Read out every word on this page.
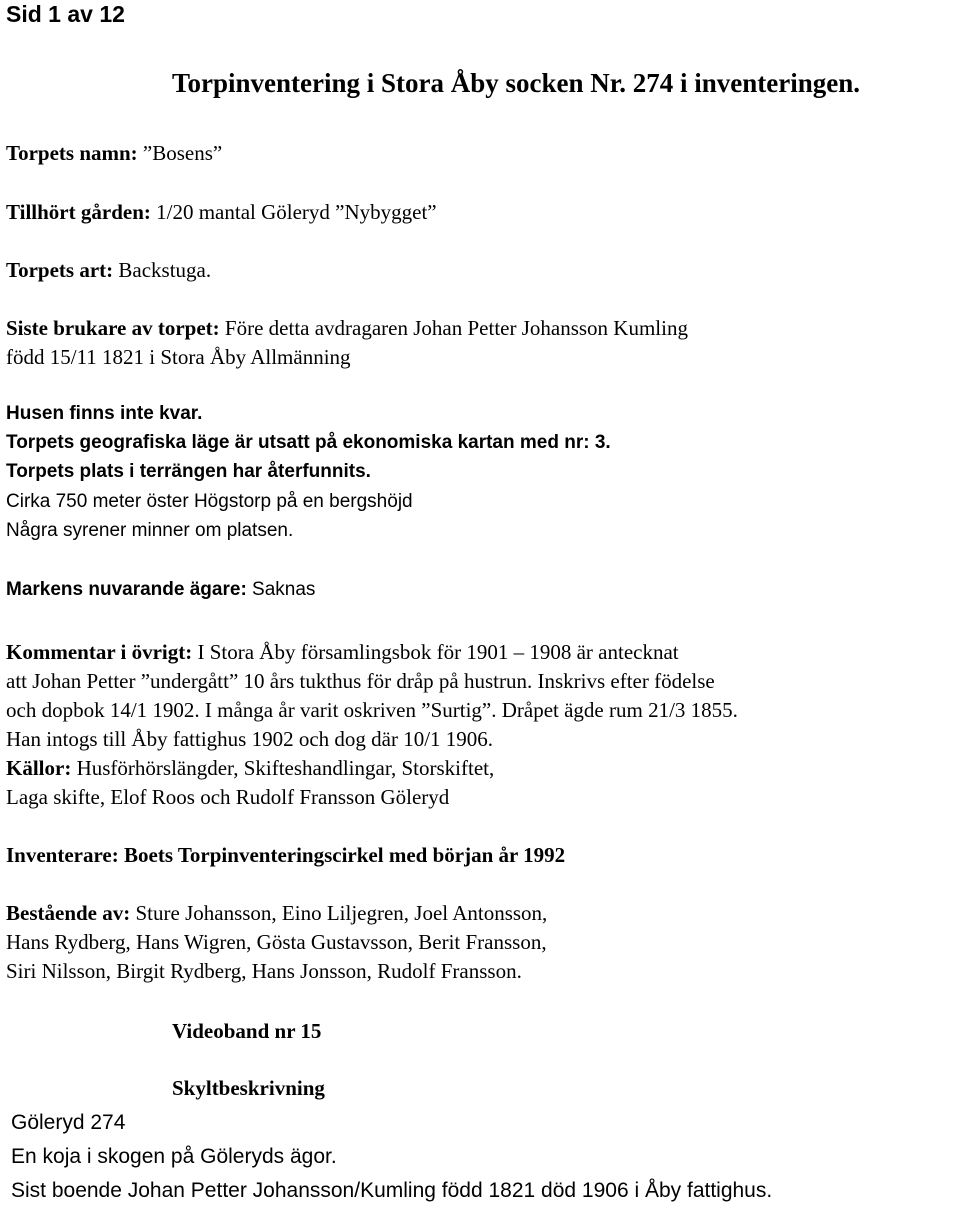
Sid 1 av 12
Torpinventering i Stora Åby socken Nr. 274 i inventeringen.
Torpets namn: ”Bosens”
Tillhört gården: 1/20 mantal Göleryd ”Nybygget”
Torpets art: Backstuga.
Siste brukare av torpet: Före detta avdragaren Johan Petter Johansson Kumling
född 15/11 1821 i Stora Åby Allmänning
Husen finns inte kvar.
Torpets geografiska läge är utsatt på ekonomiska kartan med nr: 3.
Torpets plats i terrängen har återfunnits.
Cirka 750 meter öster Högstorp på en bergshöjd
Några syrener minner om platsen.
Markens nuvarande ägare: Saknas
Kommentar i övrigt: I Stora Åby församlingsbok för 1901 – 1908 är antecknat
att Johan Petter ”undergått” 10 års tukthus för dråp på hustrun. Inskrivs efter födelse
och dopbok 14/1 1902. I många år varit oskriven ”Surtig”. Dråpet ägde rum 21/3 1855.
Han intogs till Åby fattighus 1902 och dog där 10/1 1906.
Källor: Husförhörslängder, Skifteshandlingar, Storskiftet,
Laga skifte, Elof Roos och Rudolf Fransson Göleryd
Inventerare: Boets Torpinventeringscirkel med början år 1992
Bestående av: Sture Johansson, Eino Liljegren, Joel Antonsson,
Hans Rydberg, Hans Wigren, Gösta Gustavsson, Berit Fransson,
Siri Nilsson, Birgit Rydberg, Hans Jonsson, Rudolf Fransson.
Videoband nr 15
Skyltbeskrivning
Göleryd 274
En koja i skogen på Göleryds ägor.
Sist boende Johan Petter Johansson/Kumling född 1821 död 1906 i Åby fattighus.
